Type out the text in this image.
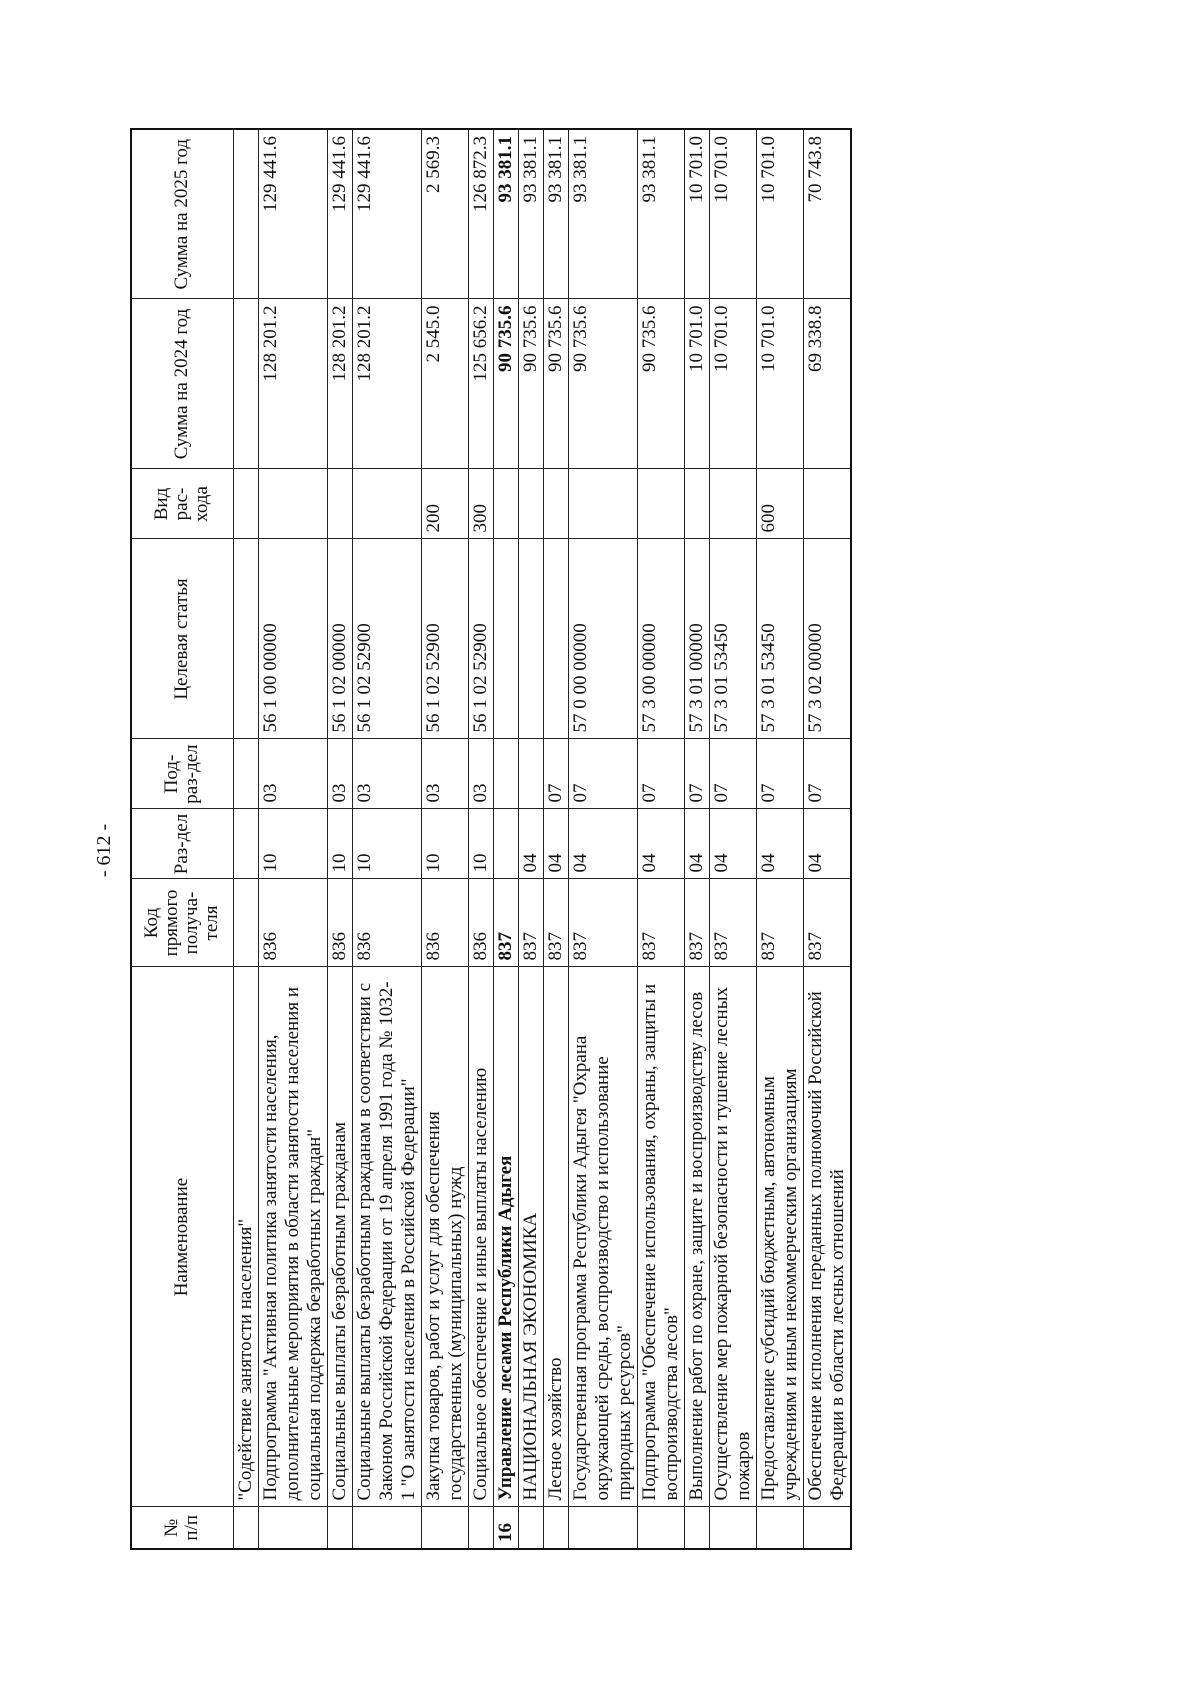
- 612 -
№ п/п	Наименование	Код прямого получа-теля	Раз-дел	Под-раз-дел	Целевая статья	Вид рас-хода	Сумма на 2024 год	Сумма на 2025 год
	"Содействие занятости населения"							
	Подпрограмма "Активная политика занятости населения, дополнительные мероприятия в области занятости населения и социальная поддержка безработных граждан"	836	10	03	56 1 00 00000		128 201.2	129 441.6
	Социальные выплаты безработным гражданам	836	10	03	56 1 02 00000		128 201.2	129 441.6
	Социальные выплаты безработным гражданам в соответствии с Законом Российской Федерации от 19 апреля 1991 года № 1032-1 "О занятости населения в Российской Федерации"	836	10	03	56 1 02 52900		128 201.2	129 441.6
	Закупка товаров, работ и услуг для обеспечения государственных (муниципальных) нужд	836	10	03	56 1 02 52900	200	2 545.0	2 569.3
	Социальное обеспечение и иные выплаты населению	836	10	03	56 1 02 52900	300	125 656.2	126 872.3
16	Управление лесами Республики Адыгея	837					90 735.6	93 381.1
	НАЦИОНАЛЬНАЯ ЭКОНОМИКА	837	04				90 735.6	93 381.1
	Лесное хозяйство	837	04	07			90 735.6	93 381.1
	Государственная программа Республики Адыгея "Охрана окружающей среды, воспроизводство и использование природных ресурсов"	837	04	07	57 0 00 00000		90 735.6	93 381.1
	Подпрограмма "Обеспечение использования, охраны, защиты и воспроизводства лесов"	837	04	07	57 3 00 00000		90 735.6	93 381.1
	Выполнение работ по охране, защите и воспроизводству лесов	837	04	07	57 3 01 00000		10 701.0	10 701.0
	Осуществление мер пожарной безопасности и тушение лесных пожаров	837	04	07	57 3 01 53450		10 701.0	10 701.0
	Предоставление субсидий бюджетным, автономным учреждениям и иным некоммерческим организациям	837	04	07	57 3 01 53450	600	10 701.0	10 701.0
	Обеспечение исполнения переданных полномочий Российской Федерации в области лесных отношений	837	04	07	57 3 02 00000		69 338.8	70 743.8
